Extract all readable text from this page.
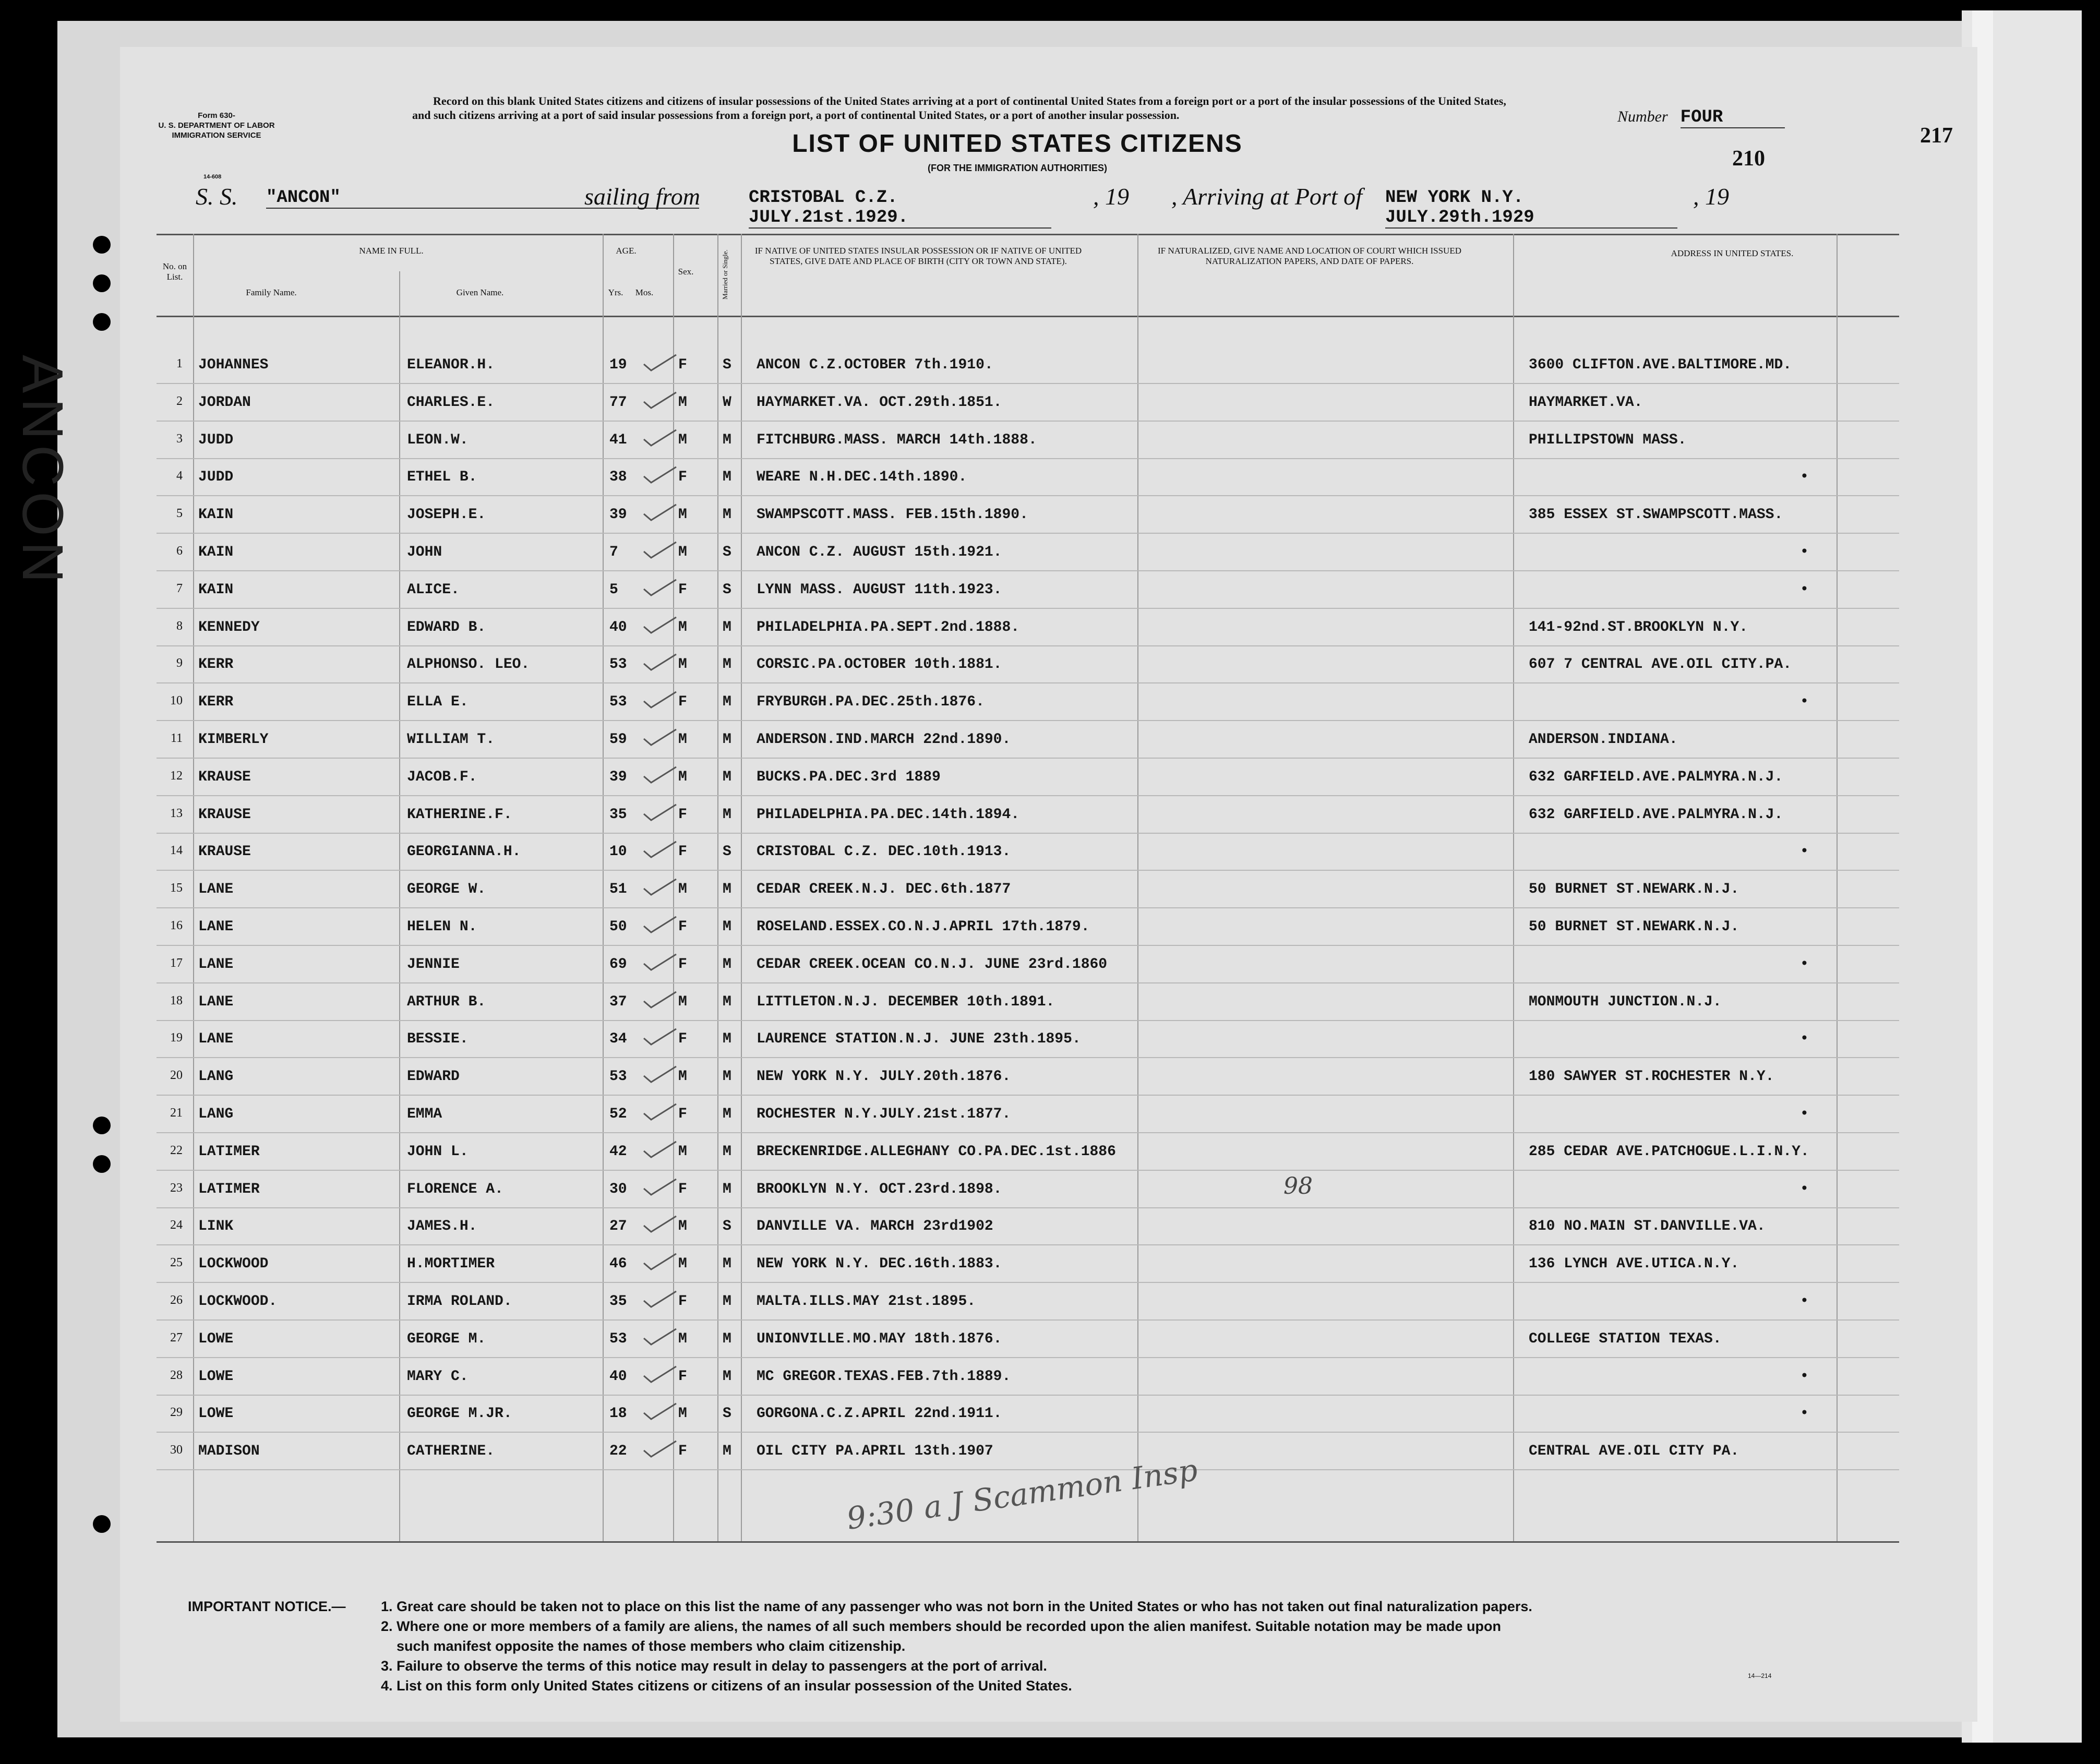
ANCON
Form 630-
U. S. DEPARTMENT OF LABOR
IMMIGRATION SERVICE
14-608
Record on this blank United States citizens and citizens of insular possessions of the United States arriving at a port of continental United States from a foreign port or a port of the insular possessions of the United States, and such citizens arriving at a port of said insular possessions from a foreign port, a port of continental United States, or a port of another insular possession.	Number FOUR
217
210
LIST OF UNITED STATES CITIZENS
(FOR THE IMMIGRATION AUTHORITIES)
S. S. "ANCON"	sailing from	CRISTOBAL C.Z. JULY.21st.1929.
, 19 , Arriving at Port of NEW YORK N.Y. JULY.29th.1929
, 19
No. on List.
NAME IN FULL.
Family Name.	Given Name.
AGE.
Yrs.	Mos.
Sex.	Married or Single.	IF NATIVE OF UNITED STATES INSULAR POSSESSION OR IF NATIVE OF UNITED STATES, GIVE DATE AND PLACE OF BIRTH (CITY OR TOWN AND STATE).
IF NATURALIZED, GIVE NAME AND LOCATION OF COURT WHICH ISSUED NATURALIZATION PAPERS, AND DATE OF PAPERS.
ADDRESS IN UNITED STATES.
1 JOHANNES	ELEANOR.H.	19	F S ANCON C.Z.OCTOBER 7th.1910.	3600 CLIFTON.AVE.BALTIMORE.MD.
2 JORDAN	CHARLES.E.	77	M W HAYMARKET.VA. OCT.29th.1851.	HAYMARKET.VA.
3 JUDD	LEON.W.	41	M M FITCHBURG.MASS. MARCH 14th.1888.	PHILLIPSTOWN MASS.
4 JUDD	ETHEL B.	38	F M WEARE N.H.DEC.14th.1890.	•
5 KAIN	JOSEPH.E.	39	M M SWAMPSCOTT.MASS. FEB.15th.1890.	385 ESSEX ST.SWAMPSCOTT.MASS.
6 KAIN	JOHN	7	M S ANCON C.Z. AUGUST 15th.1921.	•
7 KAIN	ALICE.	5	F S LYNN MASS. AUGUST 11th.1923.	•
8 KENNEDY	EDWARD B.	40	M M PHILADELPHIA.PA.SEPT.2nd.1888.	141-92nd.ST.BROOKLYN N.Y.
9 KERR	ALPHONSO. LEO.	53	M M CORSIC.PA.OCTOBER 10th.1881.	607 7 CENTRAL AVE.OIL CITY.PA.
10 KERR	ELLA E.	53	F M FRYBURGH.PA.DEC.25th.1876.	•
11 KIMBERLY	WILLIAM T.	59	M M ANDERSON.IND.MARCH 22nd.1890.	ANDERSON.INDIANA.
12 KRAUSE	JACOB.F.	39	M M BUCKS.PA.DEC.3rd 1889	632 GARFIELD.AVE.PALMYRA.N.J.
13 KRAUSE	KATHERINE.F.	35	F M PHILADELPHIA.PA.DEC.14th.1894.	632 GARFIELD.AVE.PALMYRA.N.J.
14 KRAUSE	GEORGIANNA.H.	10	F S CRISTOBAL C.Z. DEC.10th.1913.	•
15 LANE	GEORGE W.	51	M M CEDAR CREEK.N.J. DEC.6th.1877	50 BURNET ST.NEWARK.N.J.
16 LANE	HELEN N.	50	F M ROSELAND.ESSEX.CO.N.J.APRIL 17th.1879.	50 BURNET ST.NEWARK.N.J.
17 LANE	JENNIE	69	F M CEDAR CREEK.OCEAN CO.N.J. JUNE 23rd.1860	•
18 LANE	ARTHUR B.	37	M M LITTLETON.N.J. DECEMBER 10th.1891.	MONMOUTH JUNCTION.N.J.
19 LANE	BESSIE.	34	F M LAURENCE STATION.N.J. JUNE 23th.1895.	•
20 LANG	EDWARD	53	M M NEW YORK N.Y. JULY.20th.1876.	180 SAWYER ST.ROCHESTER N.Y.
21 LANG	EMMA	52	F M ROCHESTER N.Y.JULY.21st.1877.	•
22 LATIMER	JOHN L.	42	M M BRECKENRIDGE.ALLEGHANY CO.PA.DEC.1st.1886	285 CEDAR AVE.PATCHOGUE.L.I.N.Y.
23 LATIMER	FLORENCE A.	30	F M BROOKLYN N.Y. OCT.23rd.1898.	•
24 LINK	JAMES.H.	27	M S DANVILLE VA. MARCH 23rd1902	810 NO.MAIN ST.DANVILLE.VA.
25 LOCKWOOD	H.MORTIMER	46	M M NEW YORK N.Y. DEC.16th.1883.	136 LYNCH AVE.UTICA.N.Y.
26 LOCKWOOD.	IRMA ROLAND.	35	F M MALTA.ILLS.MAY 21st.1895.	•
27 LOWE	GEORGE M.	53	M M UNIONVILLE.MO.MAY 18th.1876.	COLLEGE STATION TEXAS.
28 LOWE	MARY C.	40	F M MC GREGOR.TEXAS.FEB.7th.1889.	•
29 LOWE	GEORGE M.JR.	18	M S GORGONA.C.Z.APRIL 22nd.1911.	•
30 MADISON	CATHERINE.	22	F M OIL CITY PA.APRIL 13th.1907	CENTRAL AVE.OIL CITY PA.
98
9:30 a J Scammon Insp
IMPORTANT NOTICE.—	1. Great care should be taken not to place on this list the name of any passenger who was not born in the United States or who has not taken out final naturalization papers.
2. Where one or more members of a family are aliens, the names of all such members should be recorded upon the alien manifest. Suitable notation may be made upon
such manifest opposite the names of those members who claim citizenship.
3. Failure to observe the terms of this notice may result in delay to passengers at the port of arrival.
4. List on this form only United States citizens or citizens of an insular possession of the United States.
14—214
